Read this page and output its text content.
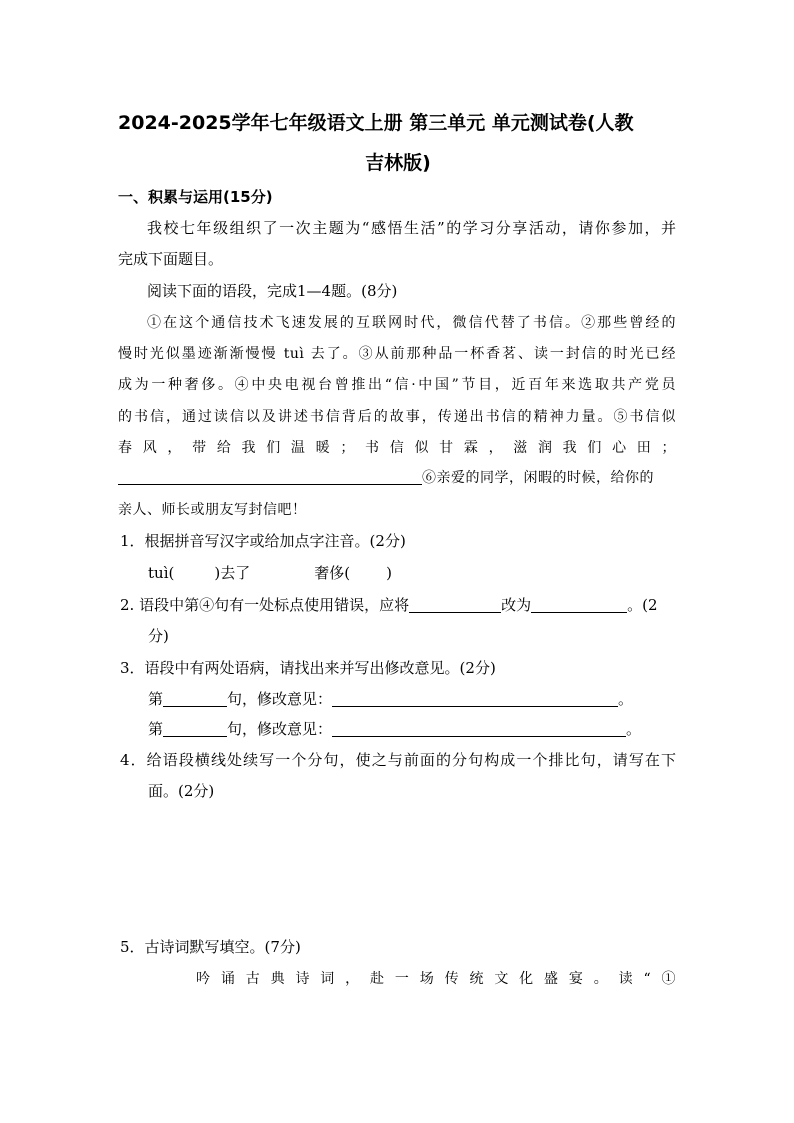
2024-2025学年七年级语文上册 第三单元 单元测试卷(人教
吉林版)
一、积累与运用(15分)
我校七年级组织了一次主题为“感悟生活”的学习分享活动，请你参加，并
完成下面题目。
阅读下面的语段，完成1—4题。(8分)
①在这个通信技术飞速发展的互联网时代，微信代替了书信。②那些曾经的
慢时光似墨迹渐渐慢慢 tuì 去了。③从前那种品一杯香茗、读一封信的时光已经
成为一种奢侈。④中央电视台曾推出“信·中国”节目，近百年来选取共产党员
的书信，通过读信以及讲述书信背后的故事，传递出书信的精神力量。⑤书信似
春风，带给我们温暖；书信似甘霖，滋润我们心田；
⑥亲爱的同学，闲暇的时候，给你的
亲人、师长或朋友写封信吧！
1．根据拼音写汉字或给加点字注音。(2分)
tuì(	)去了	奢侈( )
2. 语段中第④句有一处标点使用错误，应将	改为	。(2
分)
3．语段中有两处语病，请找出来并写出修改意见。(2分)
第	句，修改意见：	。
第	句，修改意见：	。
4．给语段横线处续写一个分句，使之与前面的分句构成一个排比句，请写在下
面。(2分)
5．古诗词默写填空。(7分)
吟诵古典诗词，赴一场传统文化盛宴。读“①
